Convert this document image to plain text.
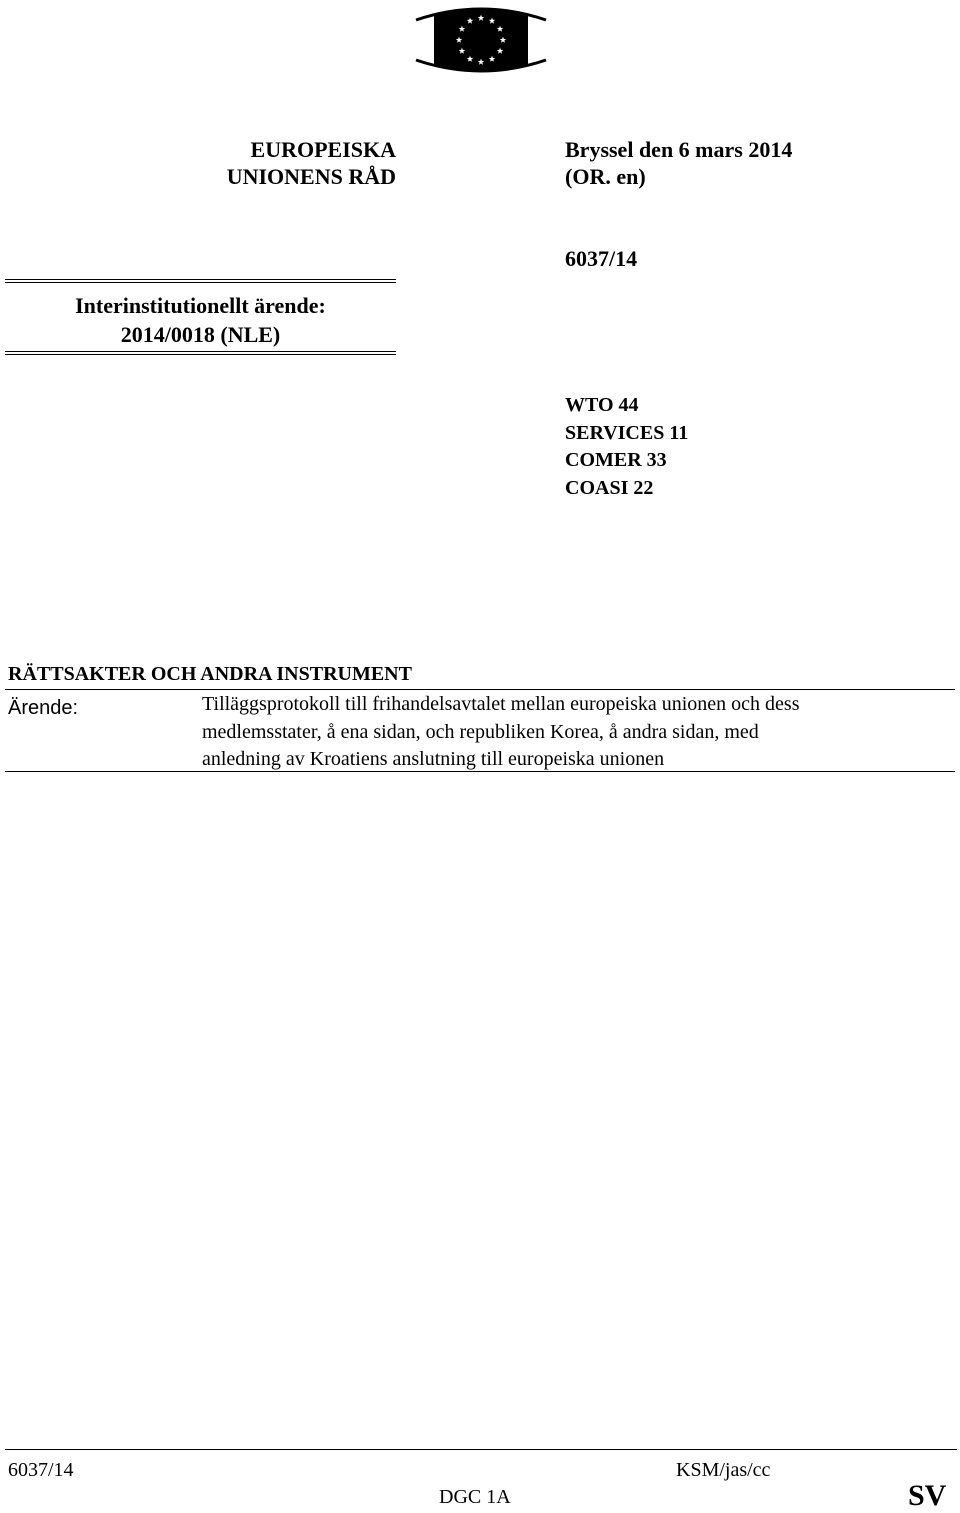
EUROPEISKA
UNIONENS RÅD
Bryssel den 6 mars 2014
(OR. en)
6037/14
Interinstitutionellt ärende:
2014/0018 (NLE)
WTO 44
SERVICES 11
COMER 33
COASI 22
RÄTTSAKTER OCH ANDRA INSTRUMENT
Ärende:	Tilläggsprotokoll till frihandelsavtalet mellan europeiska unionen och dess
medlemsstater, å ena sidan, och republiken Korea, å andra sidan, med
anledning av Kroatiens anslutning till europeiska unionen
6037/14	KSM/jas/cc
DGC 1A	SV
